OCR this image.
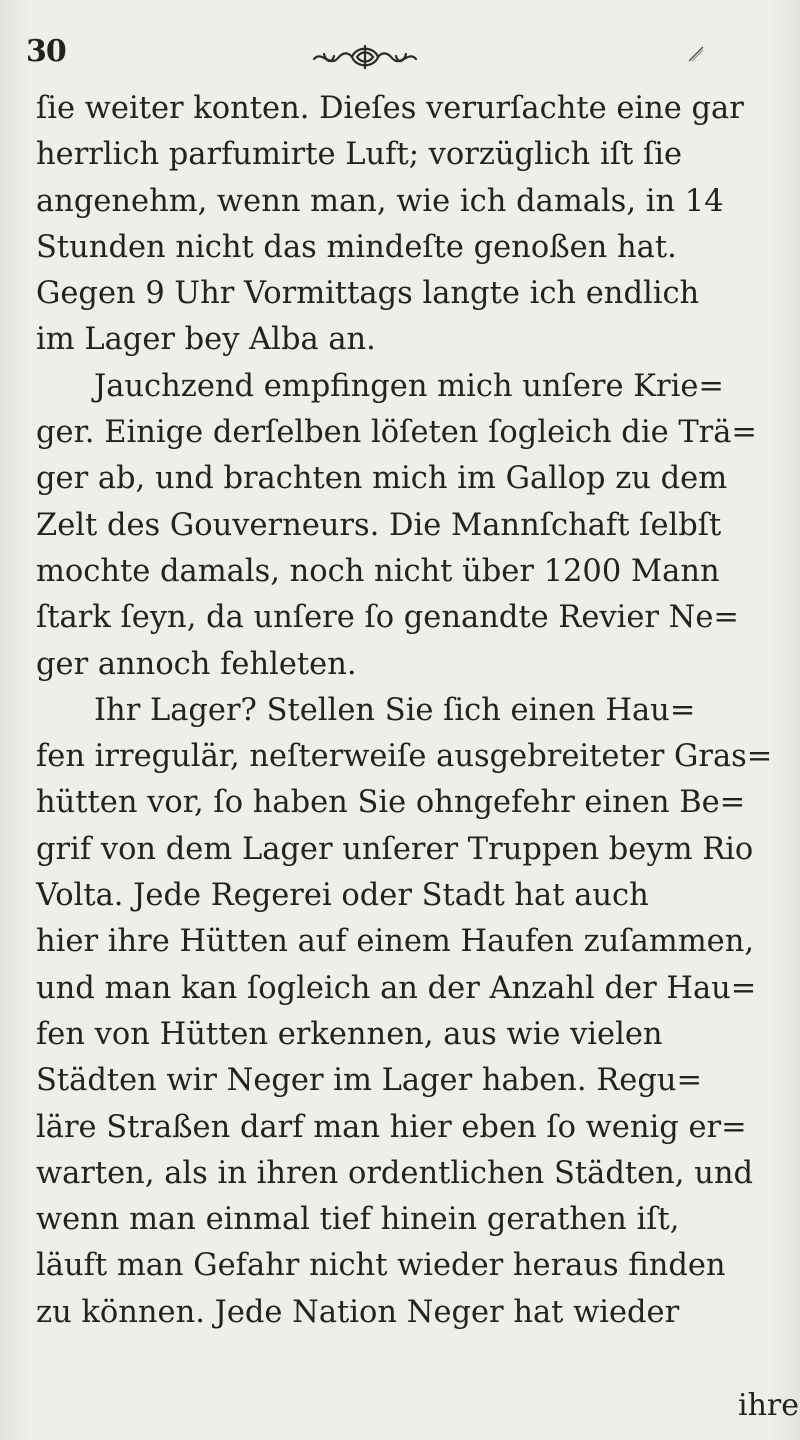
30
ſie weiter konten. Dieſes verurſachte eine gar
herrlich parfumirte Luft; vorzüglich iſt ſie
angenehm, wenn man, wie ich damals, in 14
Stunden nicht das mindeſte genoßen hat.
Gegen 9 Uhr Vormittags langte ich endlich
im Lager bey Alba an.
Jauchzend empfingen mich unſere Krie=
ger. Einige derſelben löſeten ſogleich die Trä=
ger ab, und brachten mich im Gallop zu dem
Zelt des Gouverneurs. Die Mannſchaft ſelbſt
mochte damals, noch nicht über 1200 Mann
ſtark ſeyn, da unſere ſo genandte Revier Ne=
ger annoch fehleten.
Ihr Lager? Stellen Sie ſich einen Hau=
fen irregulär, neſterweiſe ausgebreiteter Gras=
hütten vor, ſo haben Sie ohngefehr einen Be=
grif von dem Lager unſerer Truppen beym Rio
Volta. Jede Regerei oder Stadt hat auch
hier ihre Hütten auf einem Haufen zuſammen,
und man kan ſogleich an der Anzahl der Hau=
fen von Hütten erkennen, aus wie vielen
Städten wir Neger im Lager haben. Regu=
läre Straßen darf man hier eben ſo wenig er=
warten, als in ihren ordentlichen Städten, und
wenn man einmal tief hinein gerathen iſt,
läuft man Gefahr nicht wieder heraus finden
zu können. Jede Nation Neger hat wieder
ihre
